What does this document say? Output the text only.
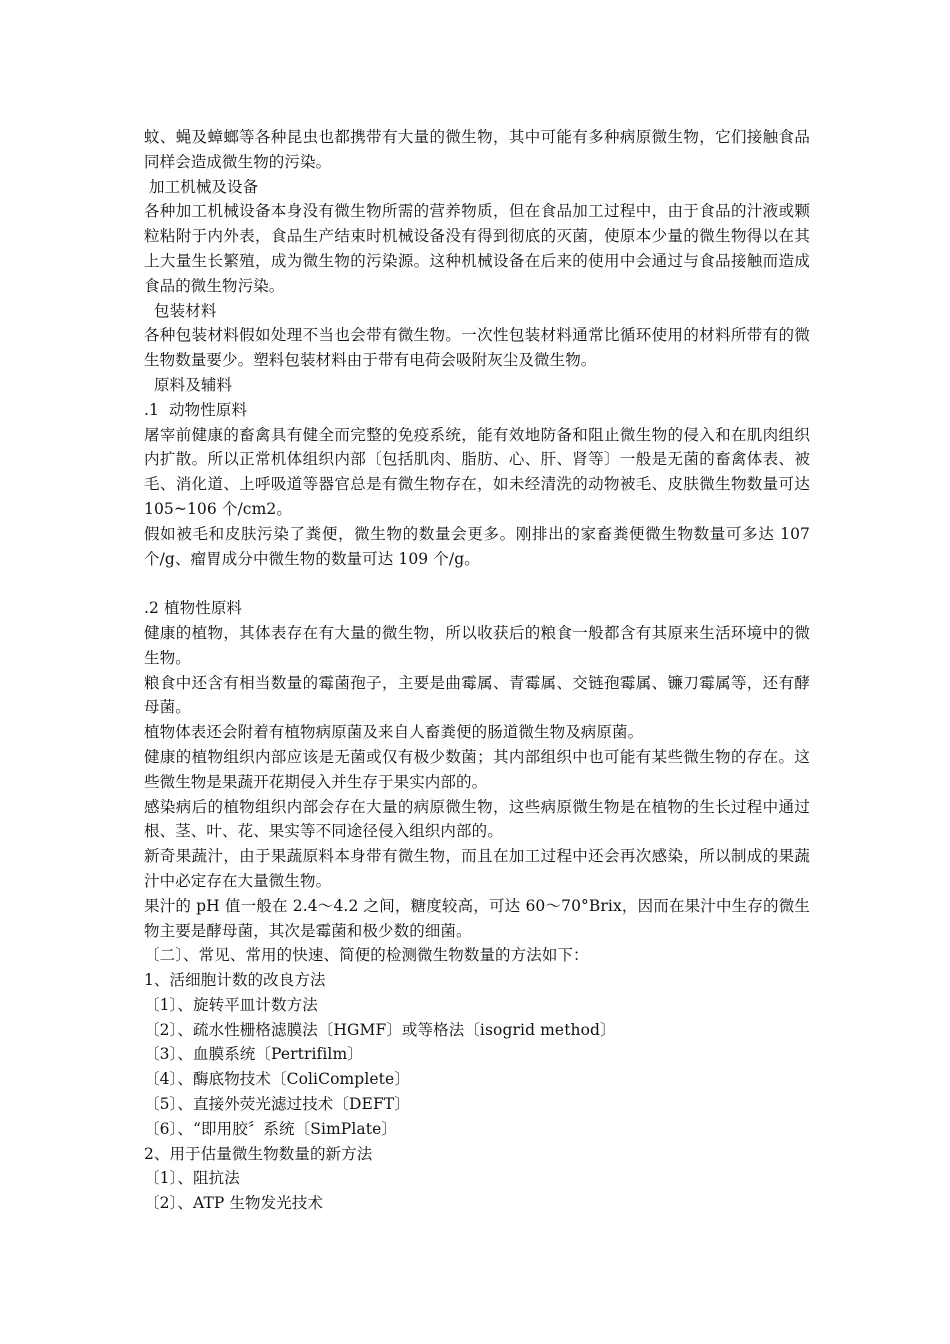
蚊、蝇及蟑螂等各种昆虫也都携带有大量的微生物，其中可能有多种病原微生物，它们接触食品同样会造成微生物的污染。

加工机械及设备

各种加工机械设备本身没有微生物所需的营养物质，但在食品加工过程中，由于食品的汁液或颗粒粘附于内外表，食品生产结束时机械设备没有得到彻底的灭菌，使原本少量的微生物得以在其上大量生长繁殖，成为微生物的污染源。这种机械设备在后来的使用中会通过与食品接触而造成食品的微生物污染。

包装材料

各种包装材料假如处理不当也会带有微生物。一次性包装材料通常比循环使用的材料所带有的微生物数量要少。塑料包装材料由于带有电荷会吸附灰尘及微生物。

原料及辅料

.1  动物性原料

屠宰前健康的畜禽具有健全而完整的免疫系统，能有效地防备和阻止微生物的侵入和在肌肉组织内扩散。所以正常机体组织内部〔包括肌肉、脂肪、心、肝、肾等〕一般是无菌的畜禽体表、被毛、消化道、上呼吸道等器官总是有微生物存在，如未经清洗的动物被毛、皮肤微生物数量可达 105~106 个/cm2。

假如被毛和皮肤污染了粪便，微生物的数量会更多。刚排出的家畜粪便微生物数量可多达 107 个/g、瘤胃成分中微生物的数量可达 109 个/g。

.2 植物性原料

健康的植物，其体表存在有大量的微生物，所以收获后的粮食一般都含有其原来生活环境中的微生物。

粮食中还含有相当数量的霉菌孢子，主要是曲霉属、青霉属、交链孢霉属、镰刀霉属等，还有酵母菌。

植物体表还会附着有植物病原菌及来自人畜粪便的肠道微生物及病原菌。

健康的植物组织内部应该是无菌或仅有极少数菌；其内部组织中也可能有某些微生物的存在。这些微生物是果蔬开花期侵入并生存于果实内部的。

感染病后的植物组织内部会存在大量的病原微生物，这些病原微生物是在植物的生长过程中通过根、茎、叶、花、果实等不同途径侵入组织内部的。

新奇果蔬汁，由于果蔬原料本身带有微生物，而且在加工过程中还会再次感染，所以制成的果蔬汁中必定存在大量微生物。

果汁的 pH 值一般在 2.4～4.2 之间，糖度较高，可达 60～70°Brix，因而在果汁中生存的微生物主要是酵母菌，其次是霉菌和极少数的细菌。

〔二〕、常见、常用的快速、简便的检测微生物数量的方法如下：

1、活细胞计数的改良方法

〔1〕、旋转平皿计数方法

〔2〕、疏水性栅格滤膜法〔HGMF〕或等格法〔isogrid method〕

〔3〕、血膜系统〔Pertrifilm〕

〔4〕、酶底物技术〔ColiComplete〕

〔5〕、直接外荧光滤过技术〔DEFT〕

〔6〕、“即用胶〞系统〔SimPlate〕

2、用于估量微生物数量的新方法

〔1〕、阻抗法

〔2〕、ATP 生物发光技术
